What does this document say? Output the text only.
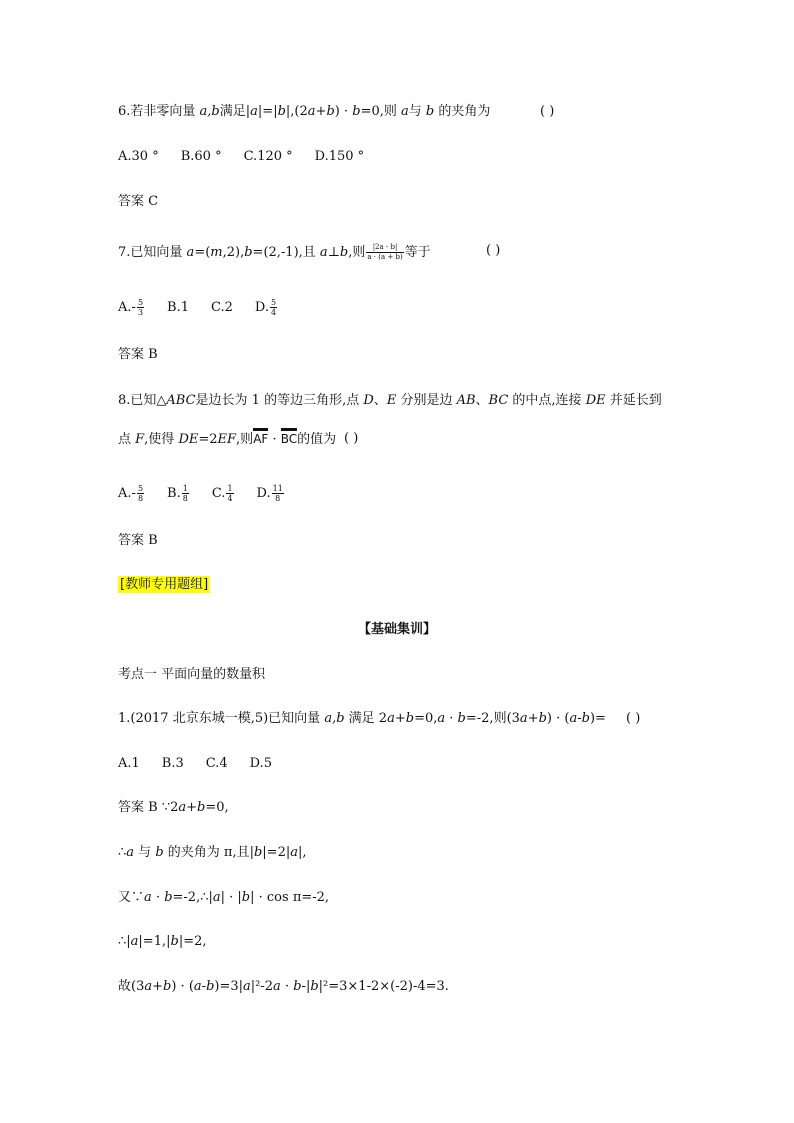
6.若非零向量 a,b满足|a|=|b|,(2a+b) · b=0,则 a与 b 的夹角为	( )
A.30 ° B.60 ° C.120 ° D.150 °
答案 C
7.已知向量 a=(m,2),b=(2,-1),且 a⊥b,则 $\frac{|2a - b|}{a \cdot (a + b)}$ 等于	( )
$A.- \frac{5}{3} B.1$ C.2 D. $\frac{5}{4}$
答案 B
8.已知△ABC是边长为 1 的等边三角形,点 D、E 分别是边 AB、BC 的中点,连接 DE 并延长到
点 F,使得 DE=2EF,则AF · BC的值为 ( )
$A.- \frac{5}{8} B$. $\frac{1}{8} C$. $\frac{1}{4} D$. $\frac{11}{8}$
答案 B
[教师专用题组]
【基础集训】
考点一 平面向量的数量积
1.(2017 北京东城一模,5)已知向量 a,b 满足 2a+b=0,a · b=-2,则(3a+b) · (a-b)= ( )
A.1 B.3 C.4 D.5
答案 B ∵2a+b=0,
∴a 与 b 的夹角为 π,且|b|=2|a|,
又∵a · b=-2,∴|a| · |b| · cos π=-2,
∴|a|=1,|b|=2,
故(3a+b) · (a-b)=3|a|²-2a · b-|b|²=3×1-2×(-2)-4=3.
